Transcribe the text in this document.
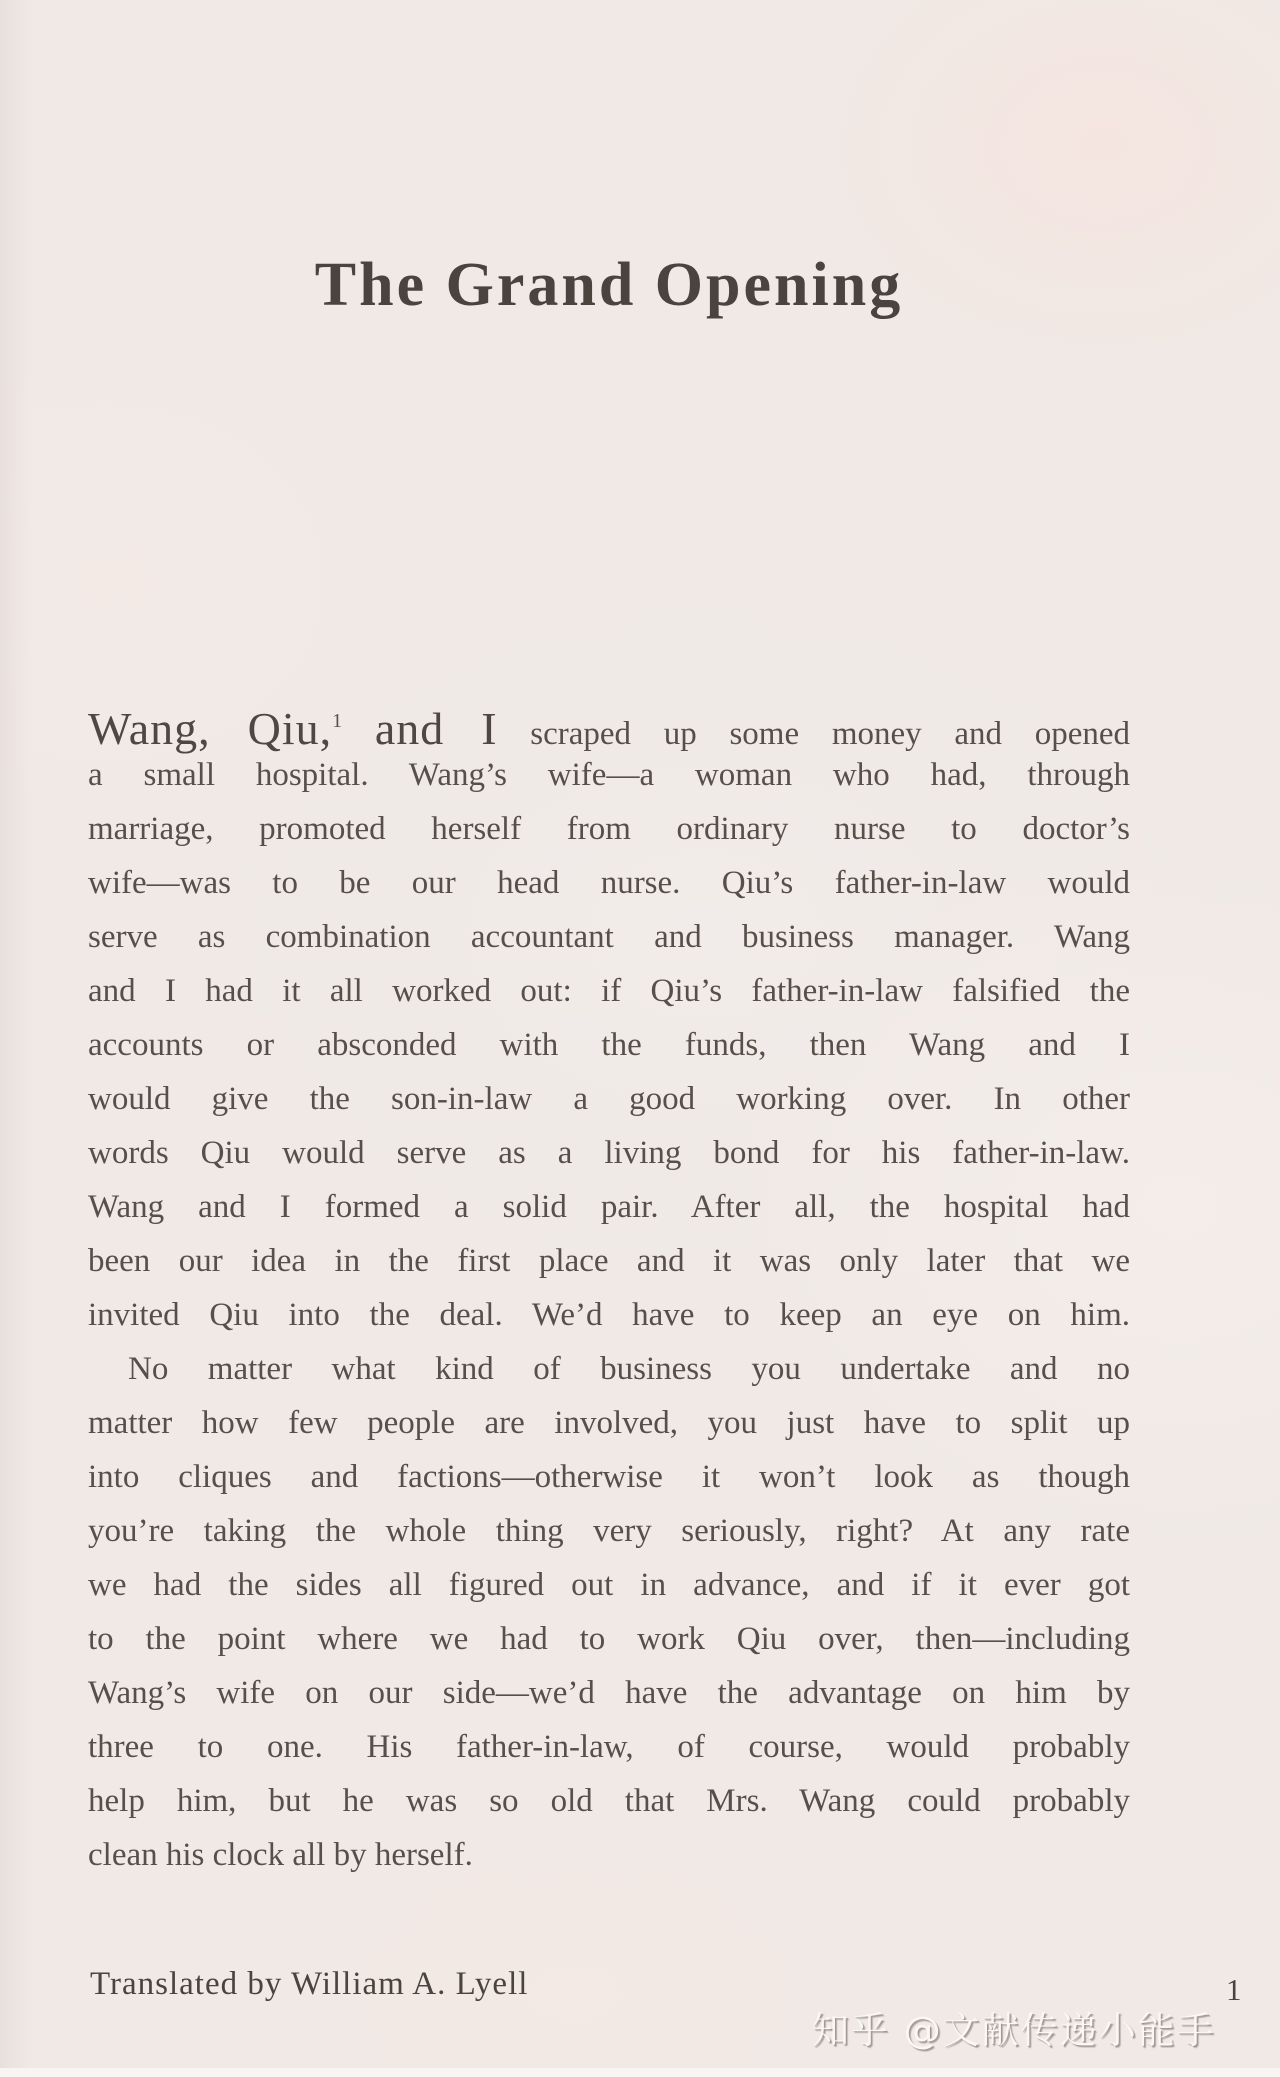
The Grand Opening
Wang, Qiu,$^1$ and I scraped up some money and opened
a small hospital. Wang’s wife—a woman who had, through
marriage, promoted herself from ordinary nurse to doctor’s
wife—was to be our head nurse. Qiu’s father-in-law would
serve as combination accountant and business manager. Wang
and I had it all worked out: if Qiu’s father-in-law falsified the
accounts or absconded with the funds, then Wang and I
would give the son-in-law a good working over. In other
words Qiu would serve as a living bond for his father-in-law.
Wang and I formed a solid pair. After all, the hospital had
been our idea in the first place and it was only later that we
invited Qiu into the deal. We’d have to keep an eye on him.
No matter what kind of business you undertake and no
matter how few people are involved, you just have to split up
into cliques and factions—otherwise it won’t look as though
you’re taking the whole thing very seriously, right? At any rate
we had the sides all figured out in advance, and if it ever got
to the point where we had to work Qiu over, then—including
Wang’s wife on our side—we’d have the advantage on him by
three to one. His father-in-law, of course, would probably
help him, but he was so old that Mrs. Wang could probably
clean his clock all by herself.
Translated by William A. Lyell	1
知乎 @文献传递小能手
